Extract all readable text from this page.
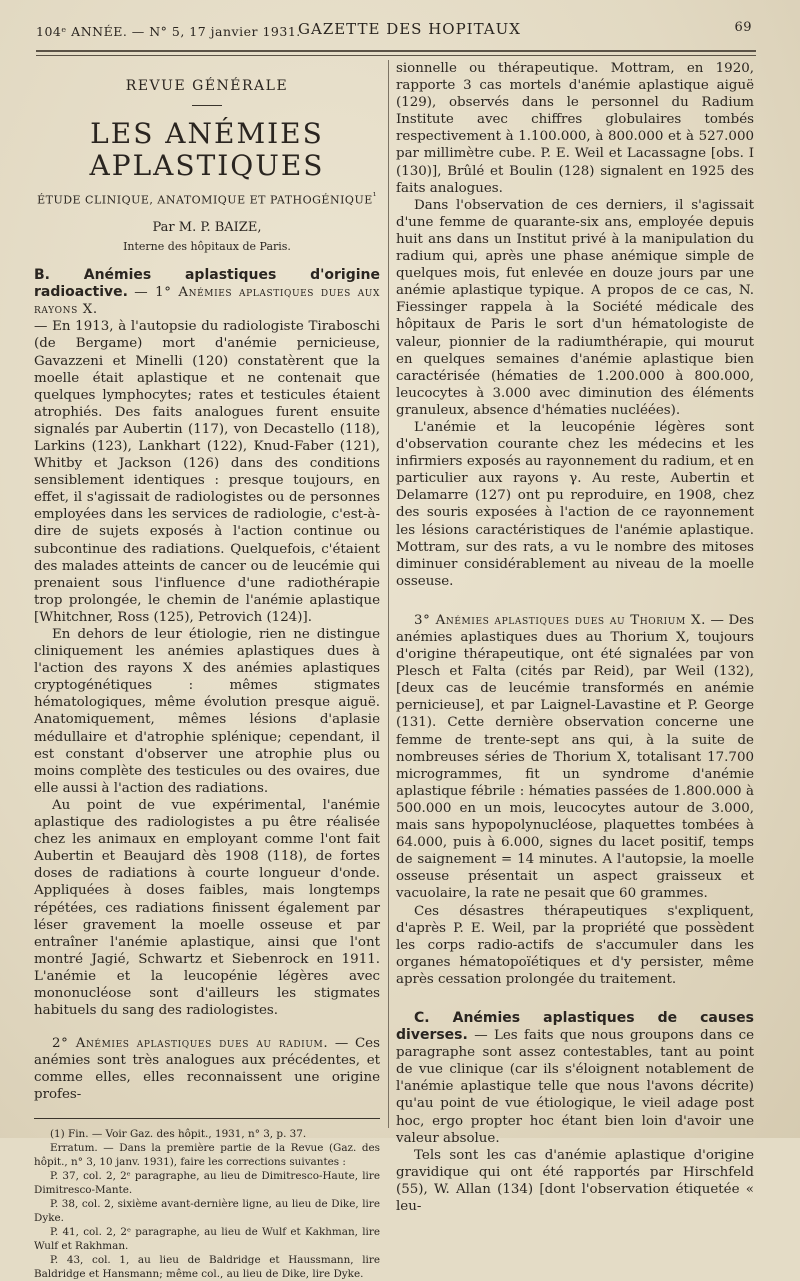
104ᵉ ANNÉE. — N° 5, 17 janvier 1931.
GAZETTE DES HOPITAUX	69
REVUE GÉNÉRALE
LES ANÉMIES APLASTIQUES
ÉTUDE CLINIQUE, ANATOMIQUE ET $PATHOGÉNIQUE^{^1}$
Par M. P. BAIZE,
Interne des hôpitaux de Paris.

B. Anémies aplastiques d'origine radioactive. — 1° Anémies aplastiques dues aux rayons X.

— En 1913, à l'autopsie du radiologiste Tiraboschi (de Bergame) mort d'anémie pernicieuse, Gavazzeni et Minelli (120) constatèrent que la moelle était aplastique et ne contenait que quelques lymphocytes; rates et testicules étaient atrophiés. Des faits analogues furent ensuite signalés par Aubertin (117), von Decastello (118), Larkins (123), Lankhart (122), Knud-Faber (121), Whitby et Jackson (126) dans des conditions sensiblement identiques : presque toujours, en effet, il s'agissait de radiologistes ou de personnes employées dans les services de radiologie, c'est-à-dire de sujets exposés à l'action continue ou subcontinue des radiations. Quelquefois, c'étaient des malades atteints de cancer ou de leucémie qui prenaient sous l'influence d'une radiothérapie trop prolongée, le chemin de l'anémie aplastique [Whitchner, Ross (125), Petrovich (124)].

En dehors de leur étiologie, rien ne distingue cliniquement les anémies aplastiques dues à l'action des rayons X des anémies aplastiques cryptogénétiques : mêmes stigmates hématologiques, même évolution presque aiguë. Anatomiquement, mêmes lésions d'aplasie médullaire et d'atrophie splénique; cependant, il est constant d'observer une atrophie plus ou moins complète des testicules ou des ovaires, due elle aussi à l'action des radiations.

Au point de vue expérimental, l'anémie aplastique des radiologistes a pu être réalisée chez les animaux en employant comme l'ont fait Aubertin et Beaujard dès 1908 (118), de fortes doses de radiations à courte longueur d'onde. Appliquées à doses faibles, mais longtemps répétées, ces radiations finissent également par léser gravement la moelle osseuse et par entraîner l'anémie aplastique, ainsi que l'ont montré Jagié, Schwartz et Siebenrock en 1911. L'anémie et la leucopénie légères avec mononucléose sont d'ailleurs les stigmates habituels du sang des radiologistes.

2° Anémies aplastiques dues au radium. — Ces anémies sont très analogues aux précédentes, et comme elles, elles reconnaissent une origine profes-

(1) Fin. — Voir Gaz. des hôpit., 1931, n° 3, p. 37.

Erratum. — Dans la première partie de la Revue (Gaz. des hôpit., n° 3, 10 janv. 1931), faire les corrections suivantes :

P. 37, col. 2, 2ᵉ paragraphe, au lieu de Dimitresco-Haute, lire Dimitresco-Mante.

P. 38, col. 2, sixième avant-dernière ligne, au lieu de Dike, lire Dyke.

P. 41, col. 2, 2ᵉ paragraphe, au lieu de Wulf et Kakhman, lire Wulf et Rakhman.

P. 43, col. 1, au lieu de Baldridge et Haussmann, lire Baldridge et Hansmann; même col., au lieu de Dike, lire Dyke.

sionnelle ou thérapeutique. Mottram, en 1920, rapporte 3 cas mortels d'anémie aplastique aiguë (129), observés dans le personnel du Radium Institute avec chiffres globulaires tombés respectivement à 1.100.000, à 800.000 et à 527.000 par millimètre cube. P. E. Weil et Lacassagne [obs. I (130)], Brûlé et Boulin (128) signalent en 1925 des faits analogues.

Dans l'observation de ces derniers, il s'agissait d'une femme de quarante-six ans, employée depuis huit ans dans un Institut privé à la manipulation du radium qui, après une phase anémique simple de quelques mois, fut enlevée en douze jours par une anémie aplastique typique. A propos de ce cas, N. Fiessinger rappela à la Société médicale des hôpitaux de Paris le sort d'un hématologiste de valeur, pionnier de la radiumthérapie, qui mourut en quelques semaines d'anémie aplastique bien caractérisée (hématies de 1.200.000 à 800.000, leucocytes à 3.000 avec diminution des éléments granuleux, absence d'hématies nucléées).

L'anémie et la leucopénie légères sont d'observation courante chez les médecins et les infirmiers exposés au rayonnement du radium, et en particulier aux rayons γ. Au reste, Aubertin et Delamarre (127) ont pu reproduire, en 1908, chez des souris exposées à l'action de ce rayonnement les lésions caractéristiques de l'anémie aplastique. Mottram, sur des rats, a vu le nombre des mitoses diminuer considérablement au niveau de la moelle osseuse.

3° Anémies aplastiques dues au Thorium X. — Des anémies aplastiques dues au Thorium X, toujours d'origine thérapeutique, ont été signalées par von Plesch et Falta (cités par Reid), par Weil (132), [deux cas de leucémie transformés en anémie pernicieuse], et par Laignel-Lavastine et P. George (131). Cette dernière observation concerne une femme de trente-sept ans qui, à la suite de nombreuses séries de Thorium X, totalisant 17.700 microgrammes, fit un syndrome d'anémie aplastique fébrile : hématies passées de 1.800.000 à 500.000 en un mois, leucocytes autour de 3.000, mais sans hypopolynucléose, plaquettes tombées à 64.000, puis à 6.000, signes du lacet positif, temps de saignement = 14 minutes. A l'autopsie, la moelle osseuse présentait un aspect graisseux et vacuolaire, la rate ne pesait que 60 grammes.

Ces désastres thérapeutiques s'expliquent, d'après P. E. Weil, par la propriété que possèdent les corps radio-actifs de s'accumuler dans les organes hématopoïétiques et d'y persister, même après cessation prolongée du traitement.

C. Anémies aplastiques de causes diverses. — Les faits que nous groupons dans ce paragraphe sont assez contestables, tant au point de vue clinique (car ils s'éloignent notablement de l'anémie aplastique telle que nous l'avons décrite) qu'au point de vue étiologique, le vieil adage post hoc, ergo propter hoc étant bien loin d'avoir une valeur absolue.

Tels sont les cas d'anémie aplastique d'origine gravidique qui ont été rapportés par Hirschfeld (55), W. Allan (134) [dont l'observation étiquetée « leu-
